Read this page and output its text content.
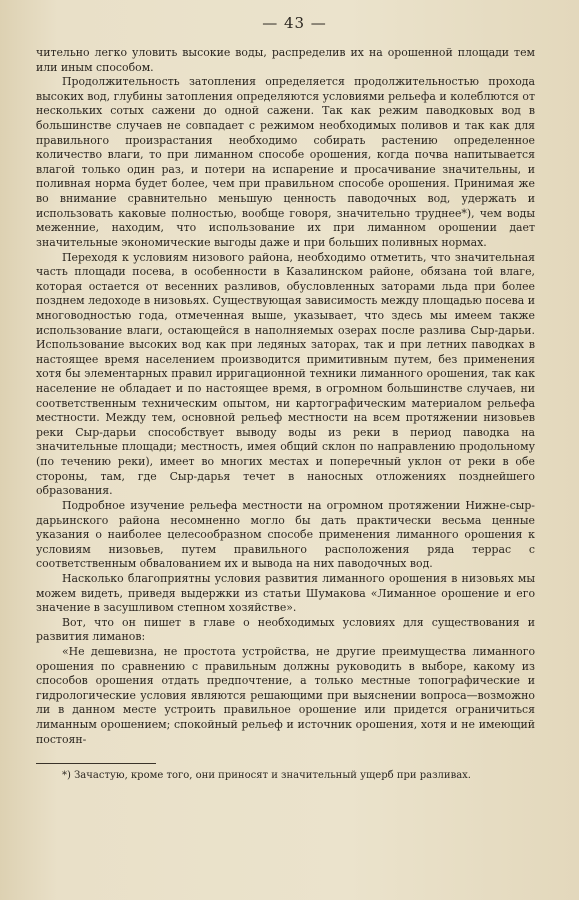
— 43 —

чительно легко уловить высокие воды, распределив их на орошенной площади тем или иным способом.

Продолжительность затопления определяется продолжительностью прохода высоких вод, глубины затопления определяются условиями рельефа и колеблются от нескольких сотых сажени до одной сажени. Так как режим паводковых вод в большинстве случаев не совпадает с режимом необходимых поливов и так как для правильного произрастания необходимо собирать растению определенное количество влаги, то при лиманном способе орошения, когда почва напитывается влагой только один раз, и потери на испарение и просачивание значительны, и поливная норма будет более, чем при правильном способе орошения. Принимая же во внимание сравнительно меньшую ценность паводочных вод, удержать и использовать каковые полностью, вообще говоря, значительно труднее*), чем воды меженние, находим, что использование их при лиманном орошении дает значительные экономические выгоды даже и при больших поливных нормах.

Переходя к условиям низового района, необходимо отметить, что значительная часть площади посева, в особенности в Казалинском районе, обязана той влаге, которая остается от весенних разливов, обусловленных заторами льда при более позднем ледоходе в низовьях. Существующая зависимость между площадью посева и многоводностью года, отмеченная выше, указывает, что здесь мы имеем также использование влаги, остающейся в наполняемых озерах после разлива Сыр-дарьи. Использование высоких вод как при ледяных заторах, так и при летних паводках в настоящее время населением производится примитивным путем, без применения хотя бы элементарных правил ирригационной техники лиманного орошения, так как население не обладает и по настоящее время, в огромном большинстве случаев, ни соответственным техническим опытом, ни картографическим материалом рельефа местности. Между тем, основной рельеф местности на всем протяжении низовьев реки Сыр-дарьи способствует выводу воды из реки в период паводка на значительные площади; местность, имея общий склон по направлению продольному (по течению реки), имеет во многих местах и поперечный уклон от реки в обе стороны, там, где Сыр-дарья течет в наносных отложениях позднейшего образования.

Подробное изучение рельефа местности на огромном протяжении Нижне-сыр-дарьинского района несомненно могло бы дать практически весьма ценные указания о наиболее целесообразном способе применения лиманного орошения к условиям низовьев, путем правильного расположения ряда террас с соответственным обвалованием их и вывода на них паводочных вод.

Насколько благоприятны условия развития лиманного орошения в низовьях мы можем видеть, приведя выдержки из статьи Шумакова «Лиманное орошение и его значение в засушливом степном хозяйстве».

Вот, что он пишет в главе о необходимых условиях для существования и развития лиманов:

«Не дешевизна, не простота устройства, не другие преимущества лиманного орошения по сравнению с правильным должны руководить в выборе, какому из способов орошения отдать предпочтение, а только местные топографические и гидрологические условия являются решающими при выяснении вопроса—возможно ли в данном месте устроить правильное орошение или придется ограничиться лиманным орошением; спокойный рельеф и источник орошения, хотя и не имеющий постоян-

*) Зачастую, кроме того, они приносят и значительный ущерб при разливах.
